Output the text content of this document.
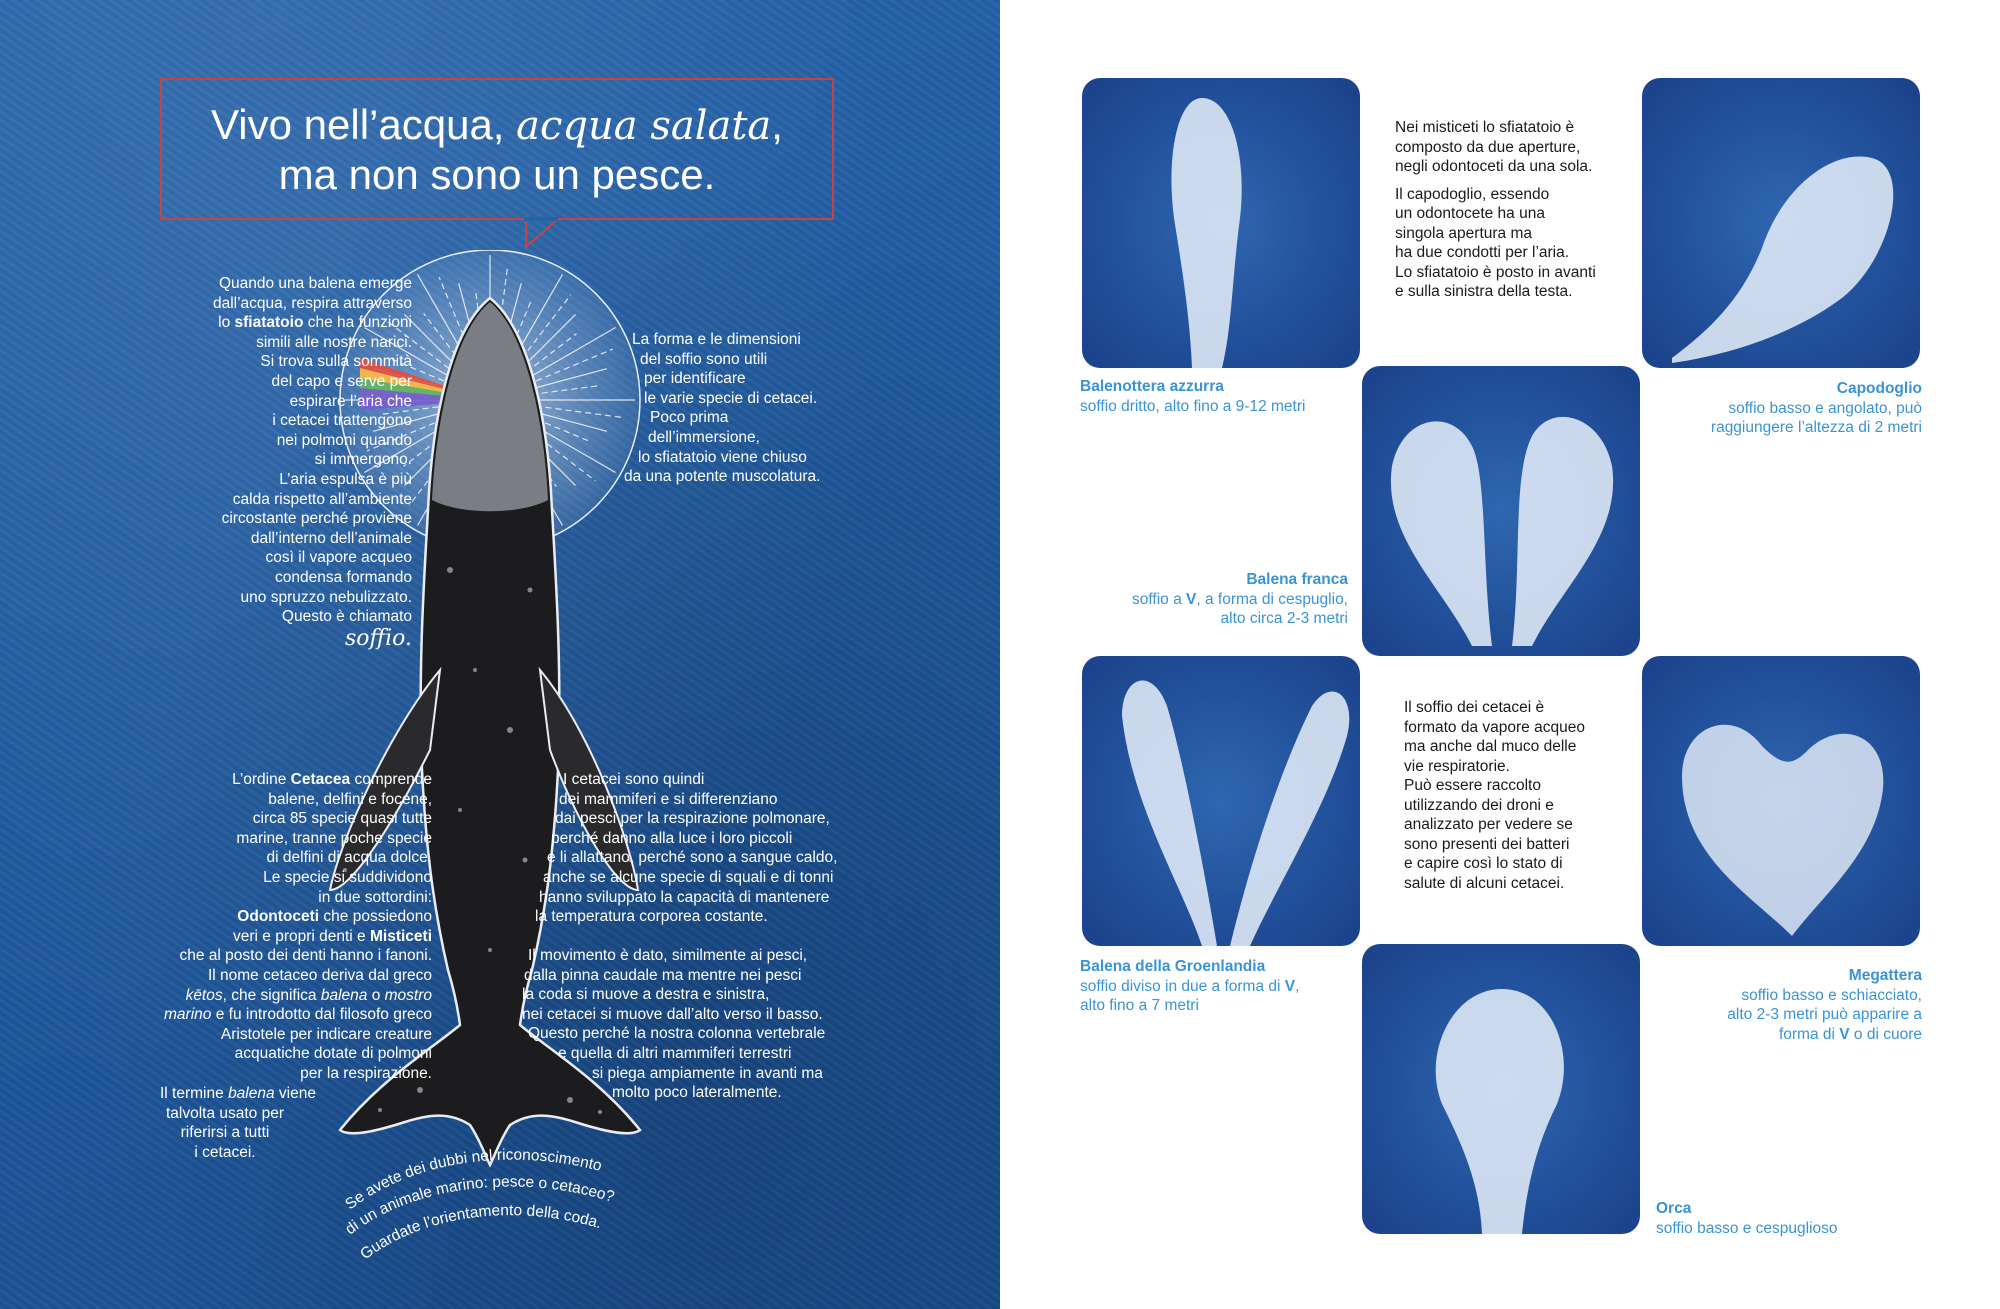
Vivo nell’acqua, acqua salata,
ma non sono un pesce.
Quando una balena emerge
dall’acqua, respira attraverso
lo sfiatatoio che ha funzioni
simili alle nostre narici.
Si trova sulla sommità
del capo e serve per
espirare l’aria che
i cetacei trattengono
nei polmoni quando
si immergono.
L’aria espulsa è più
calda rispetto all’ambiente
circostante perché proviene
dall’interno dell’animale
così il vapore acqueo
condensa formando
uno spruzzo nebulizzato.
Questo è chiamato
soffio.
La forma e le dimensioni
del soffio sono utili
per identificare
le varie specie di cetacei.
Poco prima
dell’immersione,
lo sfiatatoio viene chiuso
da una potente muscolatura.
L’ordine Cetacea comprende
balene, delfini e focene,
circa 85 specie quasi tutte
marine, tranne poche specie
di delfini di acqua dolce.
Le specie si suddividono
in due sottordini:
Odontoceti che possiedono
veri e propri denti e Misticeti
che al posto dei denti hanno i fanoni.
Il nome cetaceo deriva dal greco
kētos, che significa balena o mostro
marino e fu introdotto dal filosofo greco
Aristotele per indicare creature
acquatiche dotate di polmoni
per la respirazione.
Il termine balena viene
talvolta usato per
riferirsi a tutti
i cetacei.
I cetacei sono quindi
dei mammiferi e si differenziano
dai pesci per la respirazione polmonare,
perché danno alla luce i loro piccoli
e li allattano, perché sono a sangue caldo,
anche se alcune specie di squali e di tonni
hanno sviluppato la capacità di mantenere
la temperatura corporea costante.
Il movimento è dato, similmente ai pesci,
dalla pinna caudale ma mentre nei pesci
la coda si muove a destra e sinistra,
nei cetacei si muove dall’alto verso il basso.
Questo perché la nostra colonna vertebrale
e quella di altri mammiferi terrestri
si piega ampiamente in avanti ma
molto poco lateralmente.
Se avete dei dubbi nel riconoscimento
di un animale marino: pesce o cetaceo?
Guardate l’orientamento della coda.
Nei misticeti lo sfiatatoio è
composto da due aperture,
negli odontoceti da una sola.
Il capodoglio, essendo
un odontocete ha una
singola apertura ma
ha due condotti per l’aria.
Lo sfiatatoio è posto in avanti
e sulla sinistra della testa.
Il soffio dei cetacei è
formato da vapore acqueo
ma anche dal muco delle
vie respiratorie.
Può essere raccolto
utilizzando dei droni e
analizzato per vedere se
sono presenti dei batteri
e capire così lo stato di
salute di alcuni cetacei.
Balenottera azzurra
soffio dritto, alto fino a 9-12 metri
Capodoglio
soffio basso e angolato, può
raggiungere l’altezza di 2 metri
Balena franca
soffio a V, a forma di cespuglio,
alto circa 2-3 metri
Balena della Groenlandia
soffio diviso in due a forma di V,
alto fino a 7 metri
Megattera
soffio basso e schiacciato,
alto 2-3 metri può apparire a
forma di V o di cuore
Orca
soffio basso e cespuglioso
